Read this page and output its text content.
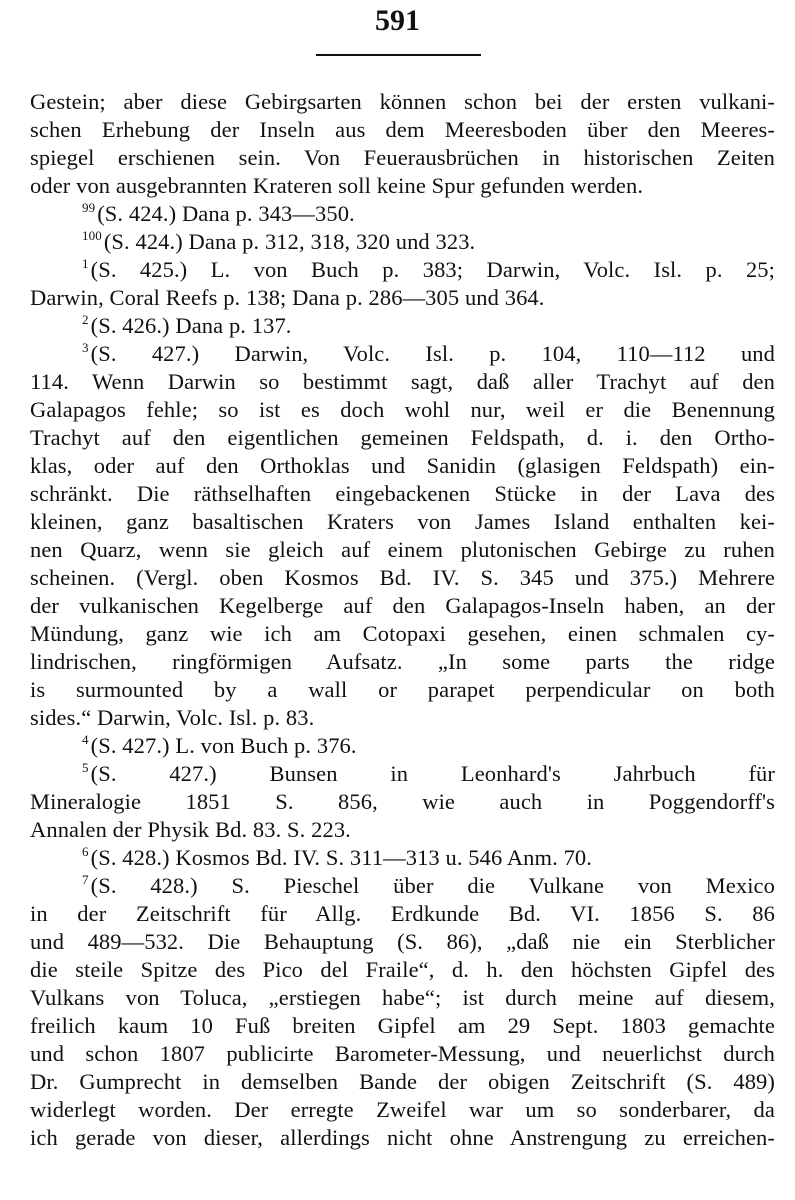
591
Gestein; aber diese Gebirgsarten können schon bei der ersten vulkani-
schen Erhebung der Inseln aus dem Meeresboden über den Meeres-
spiegel erschienen sein. Von Feuerausbrüchen in historischen Zeiten
oder von ausgebrannten Krateren soll keine Spur gefunden werden.
$^{99}$(S. 424.) Dana p. 343—350.
$^{100}$(S. 424.) Dana p. 312, 318, 320 und 323.
$^1$(S. 425.) L. von Buch p. 383; Darwin, Volc. Isl. p. 25;
Darwin, Coral Reefs p. 138; Dana p. 286—305 und 364.
$^2$(S. 426.) Dana p. 137.
$^3$(S. 427.) Darwin, Volc. Isl. p. 104, 110—112 und
114. Wenn Darwin so bestimmt sagt, daß aller Trachyt auf den
Galapagos fehle; so ist es doch wohl nur, weil er die Benennung
Trachyt auf den eigentlichen gemeinen Feldspath, d. i. den Ortho-
klas, oder auf den Orthoklas und Sanidin (glasigen Feldspath) ein-
schränkt. Die räthselhaften eingebackenen Stücke in der Lava des
kleinen, ganz basaltischen Kraters von James Island enthalten kei-
nen Quarz, wenn sie gleich auf einem plutonischen Gebirge zu ruhen
scheinen. (Vergl. oben Kosmos Bd. IV. S. 345 und 375.) Mehrere
der vulkanischen Kegelberge auf den Galapagos-Inseln haben, an der
Mündung, ganz wie ich am Cotopaxi gesehen, einen schmalen cy-
lindrischen, ringförmigen Aufsatz. „In some parts the ridge
is surmounted by a wall or parapet perpendicular on both
sides.“ Darwin, Volc. Isl. p. 83.
$^4$(S. 427.) L. von Buch p. 376.
$^5$(S. 427.) Bunsen in Leonhard's Jahrbuch für
Mineralogie 1851 S. 856, wie auch in Poggendorff's
Annalen der Physik Bd. 83. S. 223.
$^6$(S. 428.) Kosmos Bd. IV. S. 311—313 u. 546 Anm. 70.
$^7$(S. 428.) S. Pieschel über die Vulkane von Mexico
in der Zeitschrift für Allg. Erdkunde Bd. VI. 1856 S. 86
und 489—532. Die Behauptung (S. 86), „daß nie ein Sterblicher
die steile Spitze des Pico del Fraile“, d. h. den höchsten Gipfel des
Vulkans von Toluca, „erstiegen habe“; ist durch meine auf diesem,
freilich kaum 10 Fuß breiten Gipfel am 29 Sept. 1803 gemachte
und schon 1807 publicirte Barometer-Messung, und neuerlichst durch
Dr. Gumprecht in demselben Bande der obigen Zeitschrift (S. 489)
widerlegt worden. Der erregte Zweifel war um so sonderbarer, da
ich gerade von dieser, allerdings nicht ohne Anstrengung zu erreichen-
